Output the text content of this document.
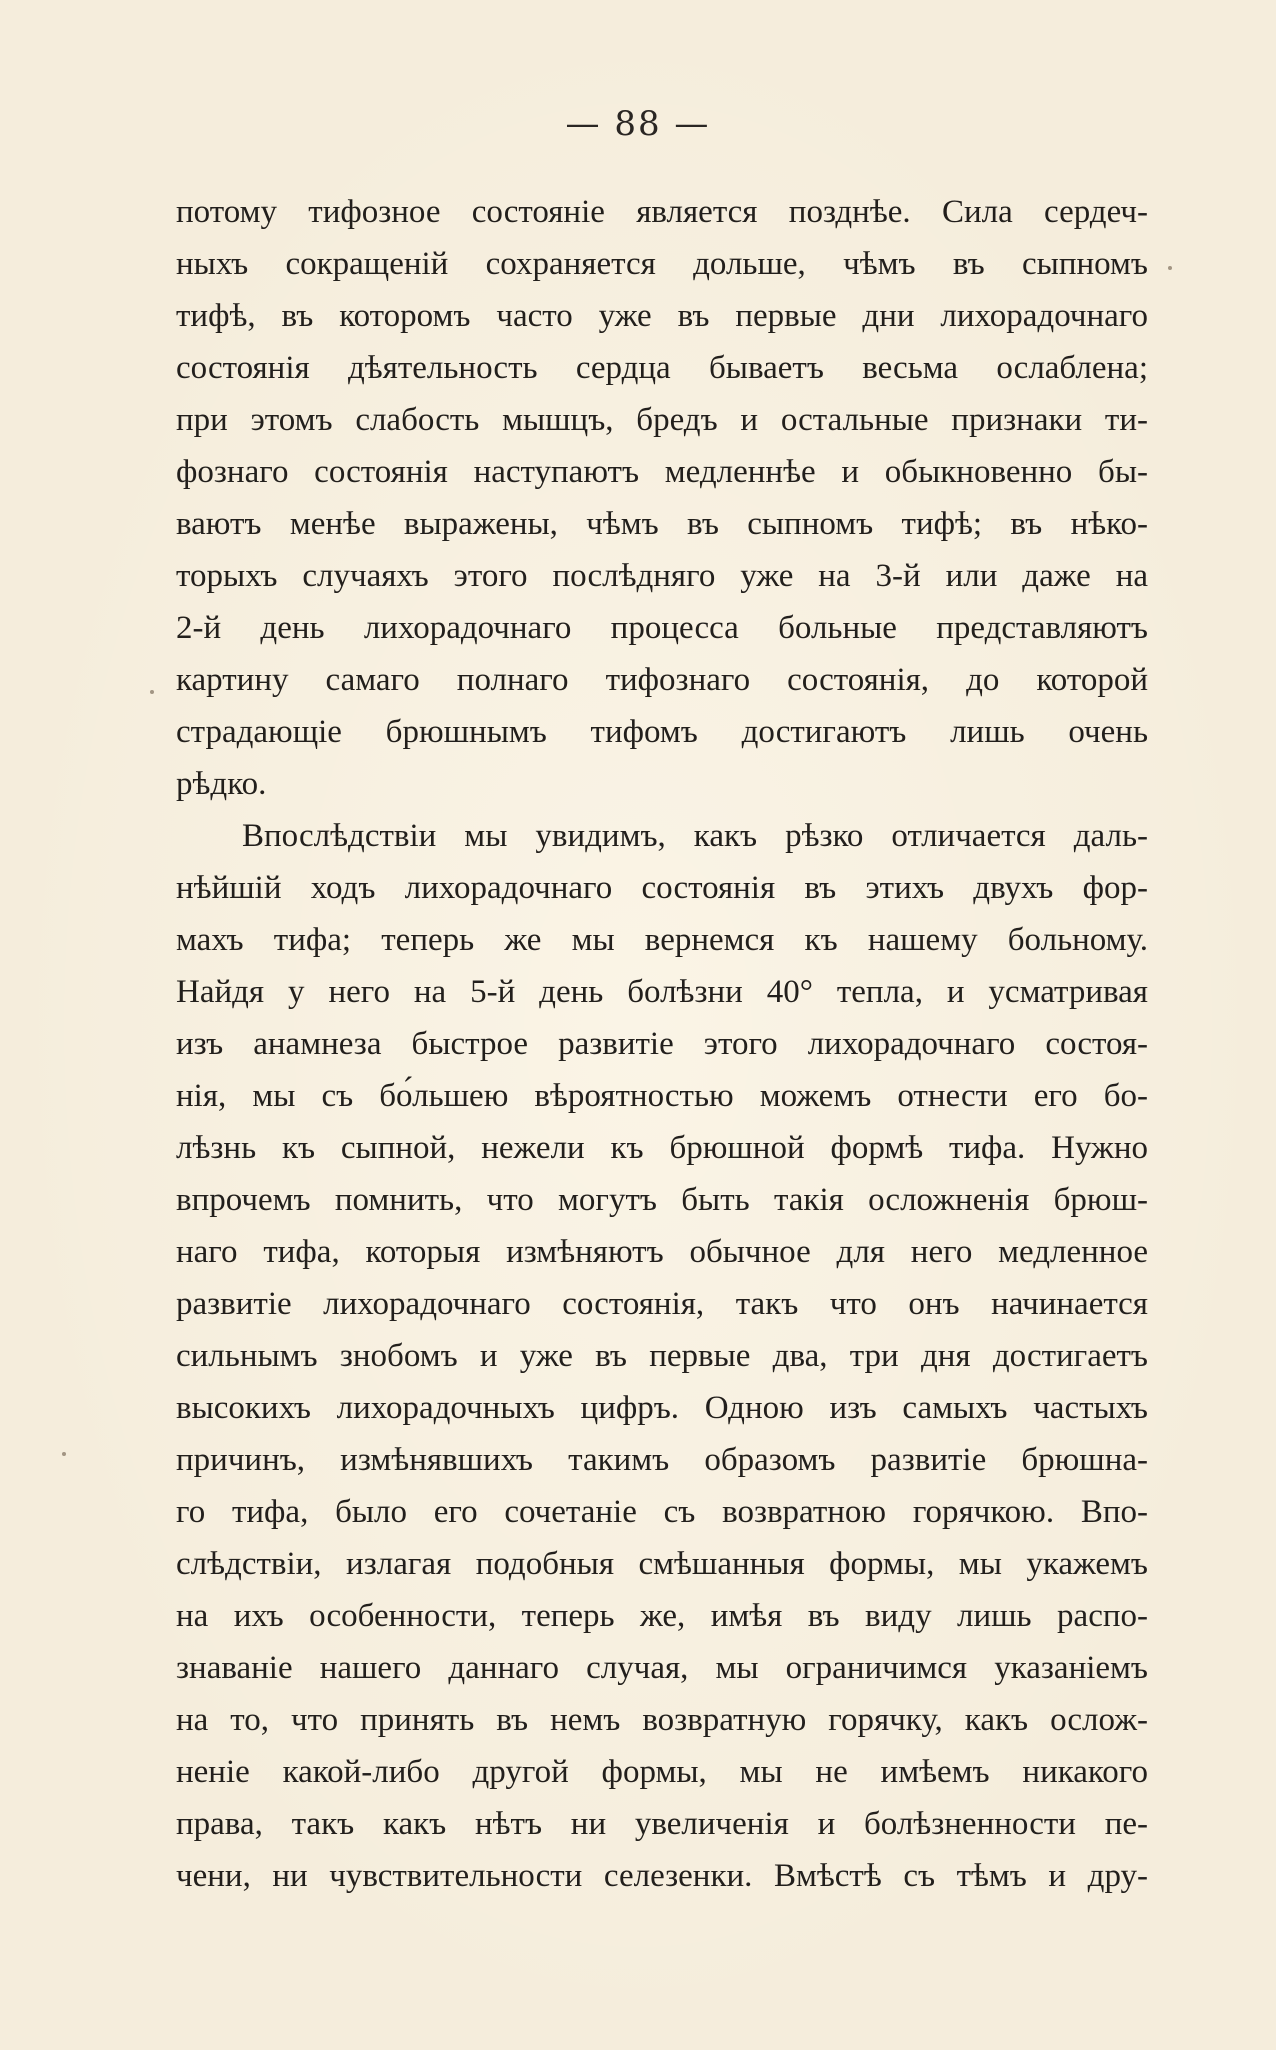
— 88 —
потому тифозное состоянiе является позднѣе. Сила сердеч-
ныхъ сокращенiй сохраняется дольше, чѣмъ въ сыпномъ
тифѣ, въ которомъ часто уже въ первые дни лихорадочнаго
состоянiя дѣятельность сердца бываетъ весьма ослаблена;
при этомъ слабость мышцъ, бредъ и остальные признаки ти-
фознаго состоянiя наступаютъ медленнѣе и обыкновенно бы-
ваютъ менѣе выражены, чѣмъ въ сыпномъ тифѣ; въ нѣко-
торыхъ случаяхъ этого послѣдняго уже на 3-й или даже на
2-й день лихорадочнаго процесса больные представляютъ
картину самаго полнаго тифознаго состоянiя, до которой
страдающiе брюшнымъ тифомъ достигаютъ лишь очень
рѣдко.
Впослѣдствiи мы увидимъ, какъ рѣзко отличается даль-
нѣйшiй ходъ лихорадочнаго состоянiя въ этихъ двухъ фор-
махъ тифа; теперь же мы вернемся къ нашему больному.
Найдя у него на 5-й день болѣзни 40° тепла, и усматривая
изъ анамнеза быстрое развитiе этого лихорадочнаго состоя-
нiя, мы съ бо́льшею вѣроятностью можемъ отнести его бо-
лѣзнь къ сыпной, нежели къ брюшной формѣ тифа. Нужно
впрочемъ помнить, что могутъ быть такiя осложненiя брюш-
наго тифа, которыя измѣняютъ обычное для него медленное
развитiе лихорадочнаго состоянiя, такъ что онъ начинается
сильнымъ знобомъ и уже въ первые два, три дня достигаетъ
высокихъ лихорадочныхъ цифръ. Одною изъ самыхъ частыхъ
причинъ, измѣнявшихъ такимъ образомъ развитiе брюшна-
го тифа, было его сочетанiе съ возвратною горячкою. Впо-
слѣдствiи, излагая подобныя смѣшанныя формы, мы укажемъ
на ихъ особенности, теперь же, имѣя въ виду лишь распо-
знаванiе нашего даннаго случая, мы ограничимся указанiемъ
на то, что принять въ немъ возвратную горячку, какъ ослож-
ненiе какой-либо другой формы, мы не имѣемъ никакого
права, такъ какъ нѣтъ ни увеличенiя и болѣзненности пе-
чени, ни чувствительности селезенки. Вмѣстѣ съ тѣмъ и дру-
